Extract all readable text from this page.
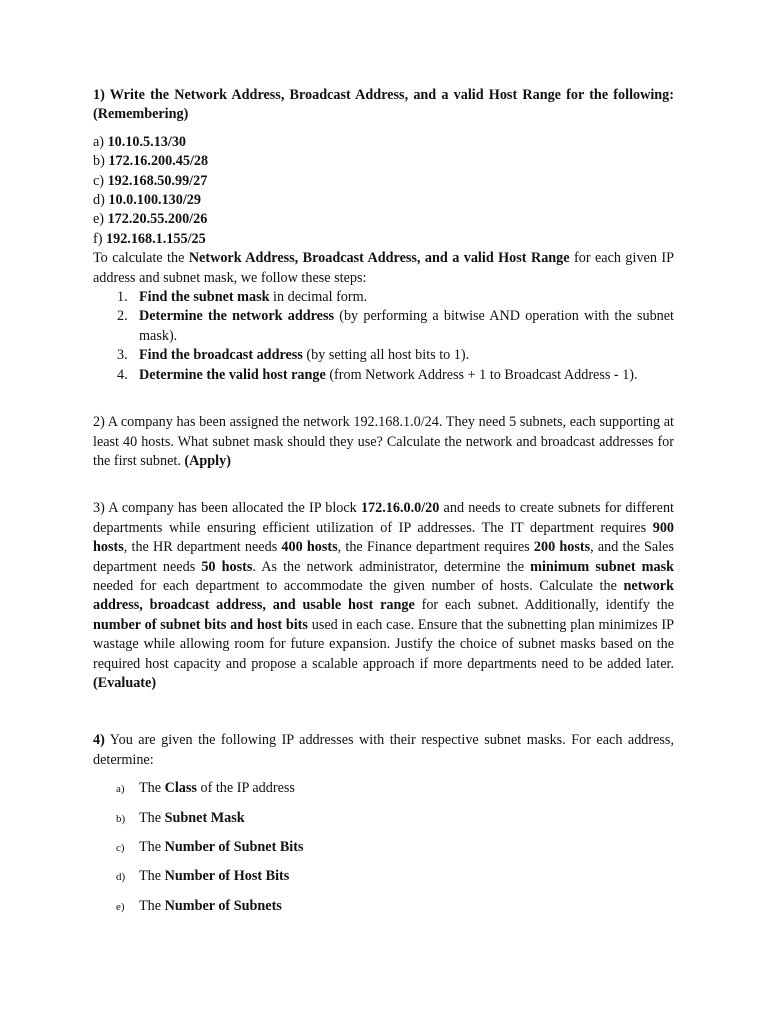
1) Write the Network Address, Broadcast Address, and a valid Host Range for the following: (Remembering)

a) 10.10.5.13/30

b) 172.16.200.45/28

c) 192.168.50.99/27

d) 10.0.100.130/29

e) 172.20.55.200/26

f) 192.168.1.155/25

To calculate the Network Address, Broadcast Address, and a valid Host Range for each given IP address and subnet mask, we follow these steps:

1. Find the subnet mask in decimal form.
2. Determine the network address (by performing a bitwise AND operation with the subnet mask).
3. Find the broadcast address (by setting all host bits to 1).
4. Determine the valid host range (from Network Address + 1 to Broadcast Address - 1).

2) A company has been assigned the network 192.168.1.0/24. They need 5 subnets, each supporting at least 40 hosts. What subnet mask should they use? Calculate the network and broadcast addresses for the first subnet. (Apply)

3) A company has been allocated the IP block 172.16.0.0/20 and needs to create subnets for different departments while ensuring efficient utilization of IP addresses. The IT department requires 900 hosts, the HR department needs 400 hosts, the Finance department requires 200 hosts, and the Sales department needs 50 hosts. As the network administrator, determine the minimum subnet mask needed for each department to accommodate the given number of hosts. Calculate the network address, broadcast address, and usable host range for each subnet. Additionally, identify the number of subnet bits and host bits used in each case. Ensure that the subnetting plan minimizes IP wastage while allowing room for future expansion. Justify the choice of subnet masks based on the required host capacity and propose a scalable approach if more departments need to be added later. (Evaluate)

4) You are given the following IP addresses with their respective subnet masks. For each address, determine:

a) The Class of the IP address
b) The Subnet Mask
c) The Number of Subnet Bits
d) The Number of Host Bits
e) The Number of Subnets
